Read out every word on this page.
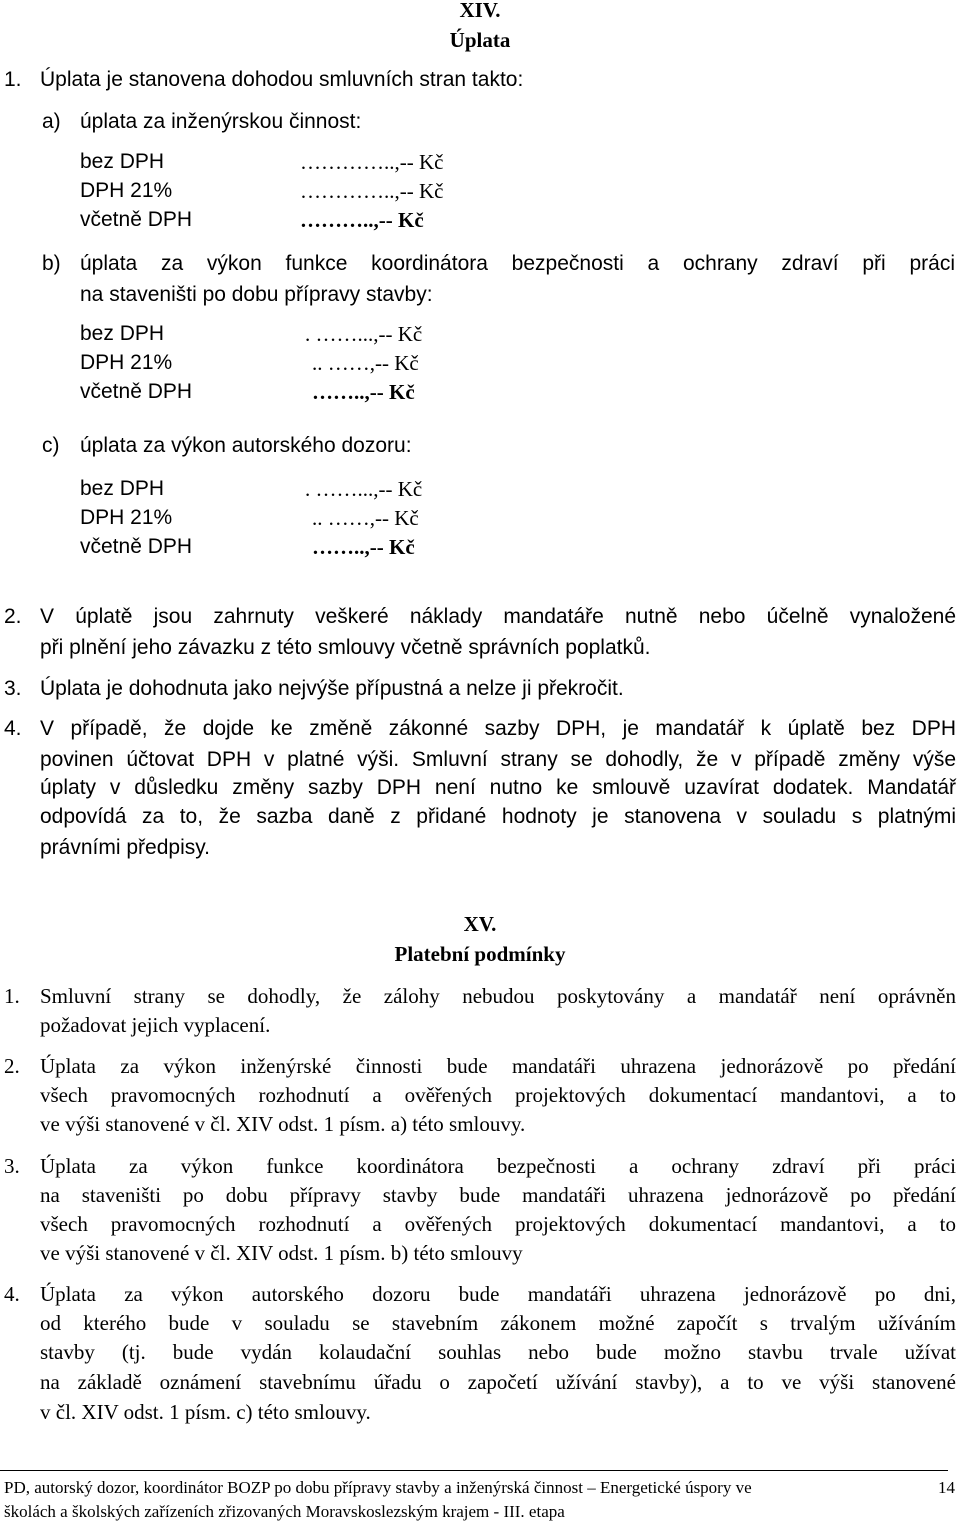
XIV.
Úplata
1. Úplata je stanovena dohodou smluvních stran takto:
a) úplata za inženýrskou činnost:
bez DPH	…………..,-- Kč
DPH 21%	…………..,-- Kč
včetně DPH	………..,-- Kč
b) úplata za výkon funkce koordinátora bezpečnosti a ochrany zdraví při práci
na staveništi po dobu přípravy stavby:
bez DPH	. ……...,-- Kč
DPH 21%	.. ……,-- Kč
včetně DPH	……..,-- Kč
c) úplata za výkon autorského dozoru:
bez DPH	. ……...,-- Kč
DPH 21%	.. ……,-- Kč
včetně DPH	……..,-- Kč
2. V úplatě jsou zahrnuty veškeré náklady mandatáře nutně nebo účelně vynaložené
při plnění jeho závazku z této smlouvy včetně správních poplatků.
3. Úplata je dohodnuta jako nejvýše přípustná a nelze ji překročit.
4. V případě, že dojde ke změně zákonné sazby DPH, je mandatář k úplatě bez DPH
povinen účtovat DPH v platné výši. Smluvní strany se dohodly, že v případě změny výše
úplaty v důsledku změny sazby DPH není nutno ke smlouvě uzavírat dodatek. Mandatář
odpovídá za to, že sazba daně z přidané hodnoty je stanovena v souladu s platnými
právními předpisy.
XV.
Platební podmínky
1. Smluvní strany se dohodly, že zálohy nebudou poskytovány a mandatář není oprávněn
požadovat jejich vyplacení.
2. Úplata za výkon inženýrské činnosti bude mandatáři uhrazena jednorázově po předání
všech pravomocných rozhodnutí a ověřených projektových dokumentací mandantovi, a to
ve výši stanovené v čl. XIV odst. 1 písm. a) této smlouvy.
3. Úplata za výkon funkce koordinátora bezpečnosti a ochrany zdraví při práci
na staveništi po dobu přípravy stavby bude mandatáři uhrazena jednorázově po předání
všech pravomocných rozhodnutí a ověřených projektových dokumentací mandantovi, a to
ve výši stanovené v čl. XIV odst. 1 písm. b) této smlouvy
4. Úplata za výkon autorského dozoru bude mandatáři uhrazena jednorázově po dni,
od kterého bude v souladu se stavebním zákonem možné započít s trvalým užíváním
stavby (tj. bude vydán kolaudační souhlas nebo bude možno stavbu trvale užívat
na základě oznámení stavebnímu úřadu o započetí užívání stavby), a to ve výši stanovené
v čl. XIV odst. 1 písm. c) této smlouvy.
PD, autorský dozor, koordinátor BOZP po dobu přípravy stavby a inženýrská činnost – Energetické úspory ve	14
školách a školských zařízeních zřizovaných Moravskoslezským krajem - III. etapa
